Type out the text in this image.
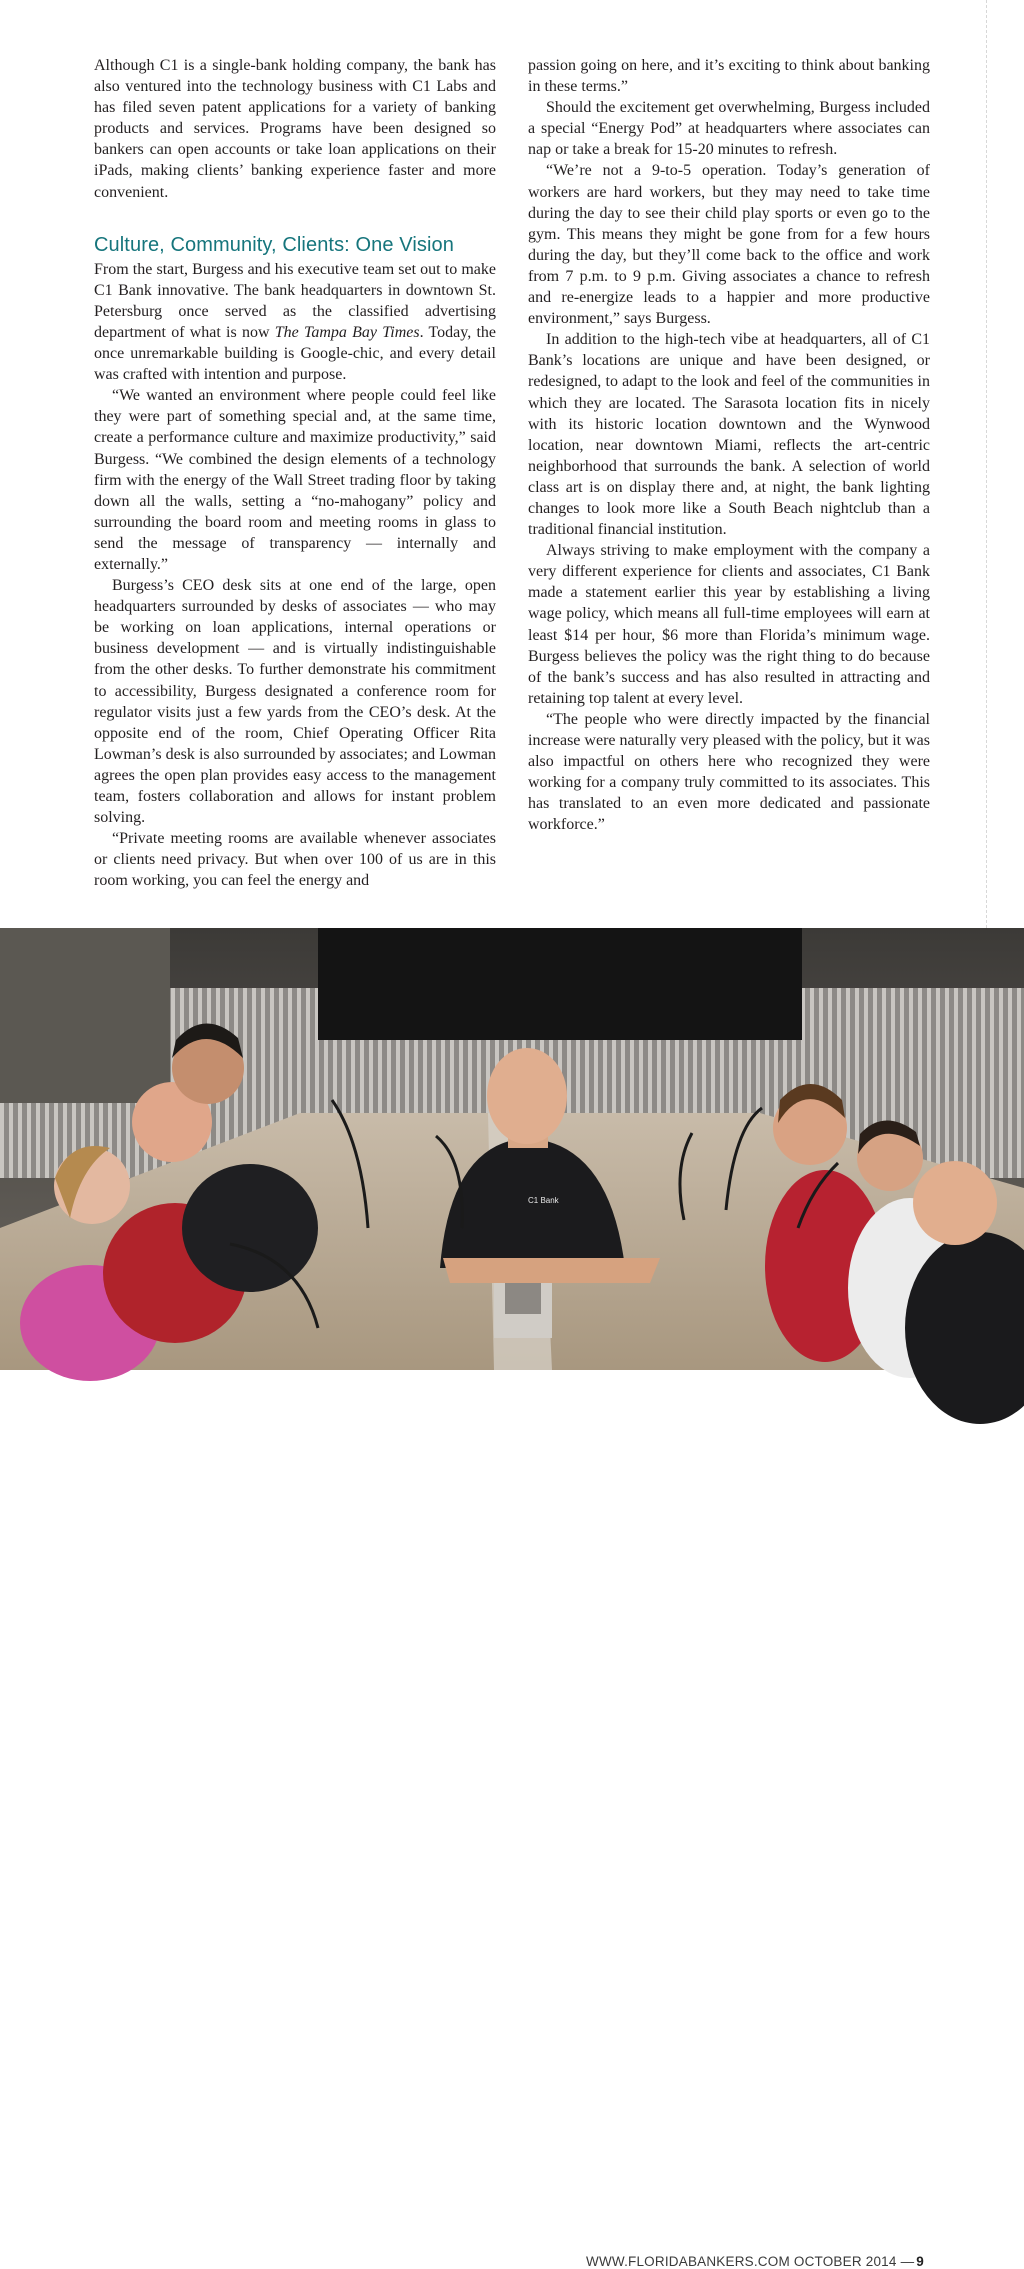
Although C1 is a single-bank holding company, the bank has also ventured into the technology business with C1 Labs and has filed seven patent applications for a variety of banking products and services. Programs have been designed so bankers can open accounts or take loan applications on their iPads, making clients’ banking experience faster and more convenient.

Culture, Community, Clients: One Vision

From the start, Burgess and his executive team set out to make C1 Bank innovative. The bank headquarters in downtown St. Petersburg once served as the classified advertising department of what is now The Tampa Bay Times. Today, the once unremarkable building is Google-chic, and every detail was crafted with intention and purpose.

“We wanted an environment where people could feel like they were part of something special and, at the same time, create a performance culture and maximize productivity,” said Burgess. “We combined the design elements of a technology firm with the energy of the Wall Street trading floor by taking down all the walls, setting a “no-mahogany” policy and surrounding the board room and meeting rooms in glass to send the message of transparency — internally and externally.”

Burgess’s CEO desk sits at one end of the large, open headquarters surrounded by desks of associates — who may be working on loan applications, internal operations or business development — and is virtually indistinguishable from the other desks. To further demonstrate his commitment to accessibility, Burgess designated a conference room for regulator visits just a few yards from the CEO’s desk. At the opposite end of the room, Chief Operating Officer Rita Lowman’s desk is also surrounded by associates; and Lowman agrees the open plan provides easy access to the management team, fosters collaboration and allows for instant problem solving.

“Private meeting rooms are available whenever associates or clients need privacy. But when over 100 of us are in this room working, you can feel the energy and

passion going on here, and it’s exciting to think about banking in these terms.”

Should the excitement get overwhelming, Burgess included a special “Energy Pod” at headquarters where associates can nap or take a break for 15-20 minutes to refresh.

“We’re not a 9-to-5 operation. Today’s generation of workers are hard workers, but they may need to take time during the day to see their child play sports or even go to the gym. This means they might be gone from for a few hours during the day, but they’ll come back to the office and work from 7 p.m. to 9 p.m. Giving associates a chance to refresh and re-energize leads to a happier and more productive environment,” says Burgess.

In addition to the high-tech vibe at headquarters, all of C1 Bank’s locations are unique and have been designed, or redesigned, to adapt to the look and feel of the communities in which they are located. The Sarasota location fits in nicely with its historic location downtown and the Wynwood location, near downtown Miami, reflects the art-centric neighborhood that surrounds the bank. A selection of world class art is on display there and, at night, the bank lighting changes to look more like a South Beach nightclub than a traditional financial institution.

Always striving to make employment with the company a very different experience for clients and associates, C1 Bank made a statement earlier this year by establishing a living wage policy, which means all full-time employees will earn at least $14 per hour, $6 more than Florida’s minimum wage. Burgess believes the policy was the right thing to do because of the bank’s success and has also resulted in attracting and retaining top talent at every level.

“The people who were directly impacted by the financial increase were naturally very pleased with the policy, but it was also impactful on others here who recognized they were working for a company truly committed to its associates. This has translated to an even more dedicated and passionate workforce.”

C1 Bank
WWW.FLORIDABANKERS.COM OCTOBER 2014 — 9
